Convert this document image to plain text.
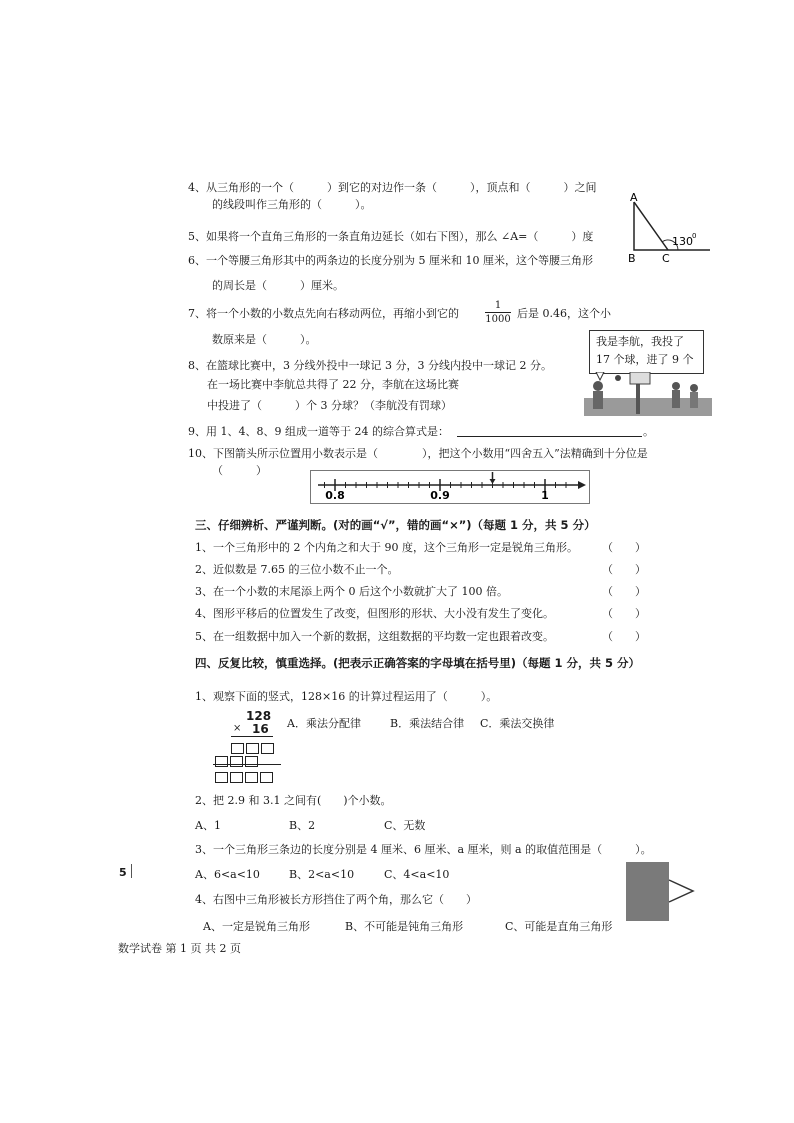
4、从三角形的一个（　　　）到它的对边作一条（　　　），顶点和（　　　）之间
的线段叫作三角形的（　　　）。
A
B C
130 0
5、如果将一个直角三角形的一条直角边延长（如右下图），那么 ∠A=（　　　）度
6、一个等腰三角形其中的两条边的长度分别为 5 厘米和 10 厘米，这个等腰三角形
的周长是（　　　）厘米。
7、将一个小数的小数点先向右移动两位，再缩小到它的
1
1000 后是 0.46，这个小
数原来是（　　　）。
8、在篮球比赛中，3 分线外投中一球记 3 分，3 分线内投中一球记 2 分。
在一场比赛中李航总共得了 22 分，李航在这场比赛
中投进了（　　　）个 3 分球？（李航没有罚球）
我是李航，我投了
17 个球，进了 9 个
9、用 1、4、8、9 组成一道等于 24 的综合算式是：	。
10、下图箭头所示位置用小数表示是（　　　　），把这个小数用“四舍五入”法精确到十分位是
（　　　）
0.8	0.9	1
三、仔细辨析、严谨判断。(对的画“√”，错的画“×”)（每题 1 分，共 5 分）
1、一个三角形中的 2 个内角之和大于 90 度，这个三角形一定是锐角三角形。 （　　）
2、近似数是 7.65 的三位小数不止一个。	（　　）
3、在一个小数的末尾添上两个 0 后这个小数就扩大了 100 倍。	（　　）
4、图形平移后的位置发生了改变，但图形的形状、大小没有发生了变化。	（　　）
5、在一组数据中加入一个新的数据，这组数据的平均数一定也跟着改变。	（　　）
四、反复比较，慎重选择。(把表示正确答案的字母填在括号里)（每题 1 分，共 5 分）
1、观察下面的竖式，128×16 的计算过程运用了（　　　）。
128
× 16 A．乘法分配律	B．乘法结合律 C．乘法交换律
2、把 2.9 和 3.1 之间有(　　)个小数。
A、1	B、2	C、无数
3、一个三角形三条边的长度分别是 4 厘米、6 厘米、a 厘米，则 a 的取值范围是（　　　）。
A、6<a<10	B、2<a<10	C、4<a<10
5
4、右图中三角形被长方形挡住了两个角，那么它（　　）
A、一定是锐角三角形	B、不可能是钝角三角形	C、可能是直角三角形
数学试卷 第 1 页 共 2 页
